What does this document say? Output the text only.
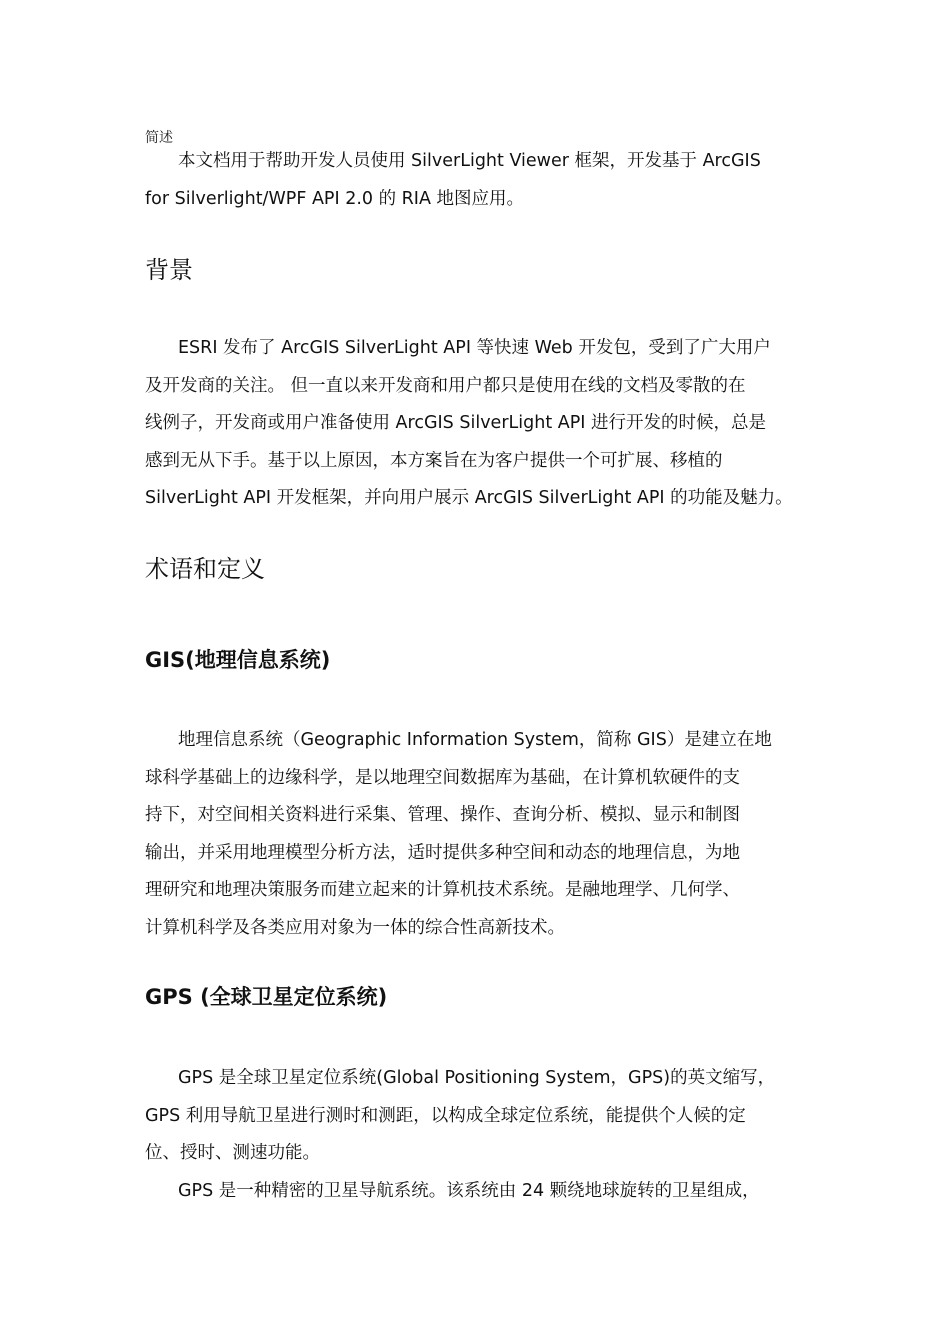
简述
本文档用于帮助开发人员使用 SilverLight Viewer 框架，开发基于 ArcGIS
for Silverlight/WPF API 2.0 的 RIA 地图应用。
背景
ESRI 发布了 ArcGIS SilverLight API 等快速 Web 开发包，受到了广大用户
及开发商的关注。 但一直以来开发商和用户都只是使用在线的文档及零散的在
线例子，开发商或用户准备使用 ArcGIS SilverLight API 进行开发的时候，总是
感到无从下手。基于以上原因，本方案旨在为客户提供一个可扩展、移植的
SilverLight API 开发框架，并向用户展示 ArcGIS SilverLight API 的功能及魅力。
术语和定义
GIS(地理信息系统)
地理信息系统（Geographic Information System，简称 GIS）是建立在地
球科学基础上的边缘科学，是以地理空间数据库为基础，在计算机软硬件的支
持下，对空间相关资料进行采集、管理、操作、查询分析、模拟、显示和制图
输出，并采用地理模型分析方法，适时提供多种空间和动态的地理信息，为地
理研究和地理决策服务而建立起来的计算机技术系统。是融地理学、几何学、
计算机科学及各类应用对象为一体的综合性高新技术。
GPS (全球卫星定位系统)
GPS 是全球卫星定位系统(Global Positioning System，GPS)的英文缩写，
GPS 利用导航卫星进行测时和测距，以构成全球定位系统，能提供个人候的定
位、授时、测速功能。
GPS 是一种精密的卫星导航系统。该系统由 24 颗绕地球旋转的卫星组成，
